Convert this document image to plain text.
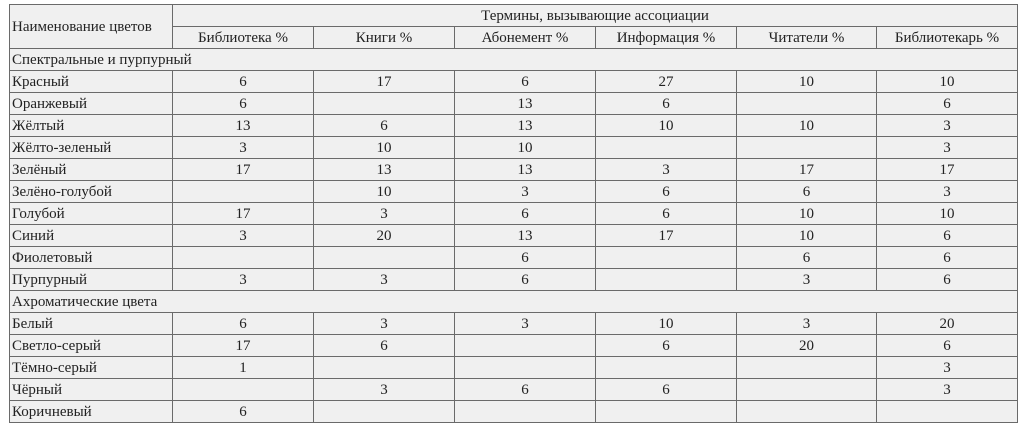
Наименование цветов	Термины, вызывающие ассоциации					
	Библиотека %	Книги %	Абонемент %	Информация %	Читатели %	Библиотекарь %
Спектральные и пурпурный						
Красный	6	17	6	27	10	10
Оранжевый	6		13	6		6
Жёлтый	13	6	13	10	10	3
Жёлто-зеленый	3	10	10			3
Зелёный	17	13	13	3	17	17
Зелёно-голубой		10	3	6	6	3
Голубой	17	3	6	6	10	10
Синий	3	20	13	17	10	6
Фиолетовый			6		6	6
Пурпурный	3	3	6		3	6
Ахроматические цвета						
Белый	6	3	3	10	3	20
Светло-серый	17	6		6	20	6
Тёмно-серый	1					3
Чёрный		3	6	6		3
Коричневый	6					
